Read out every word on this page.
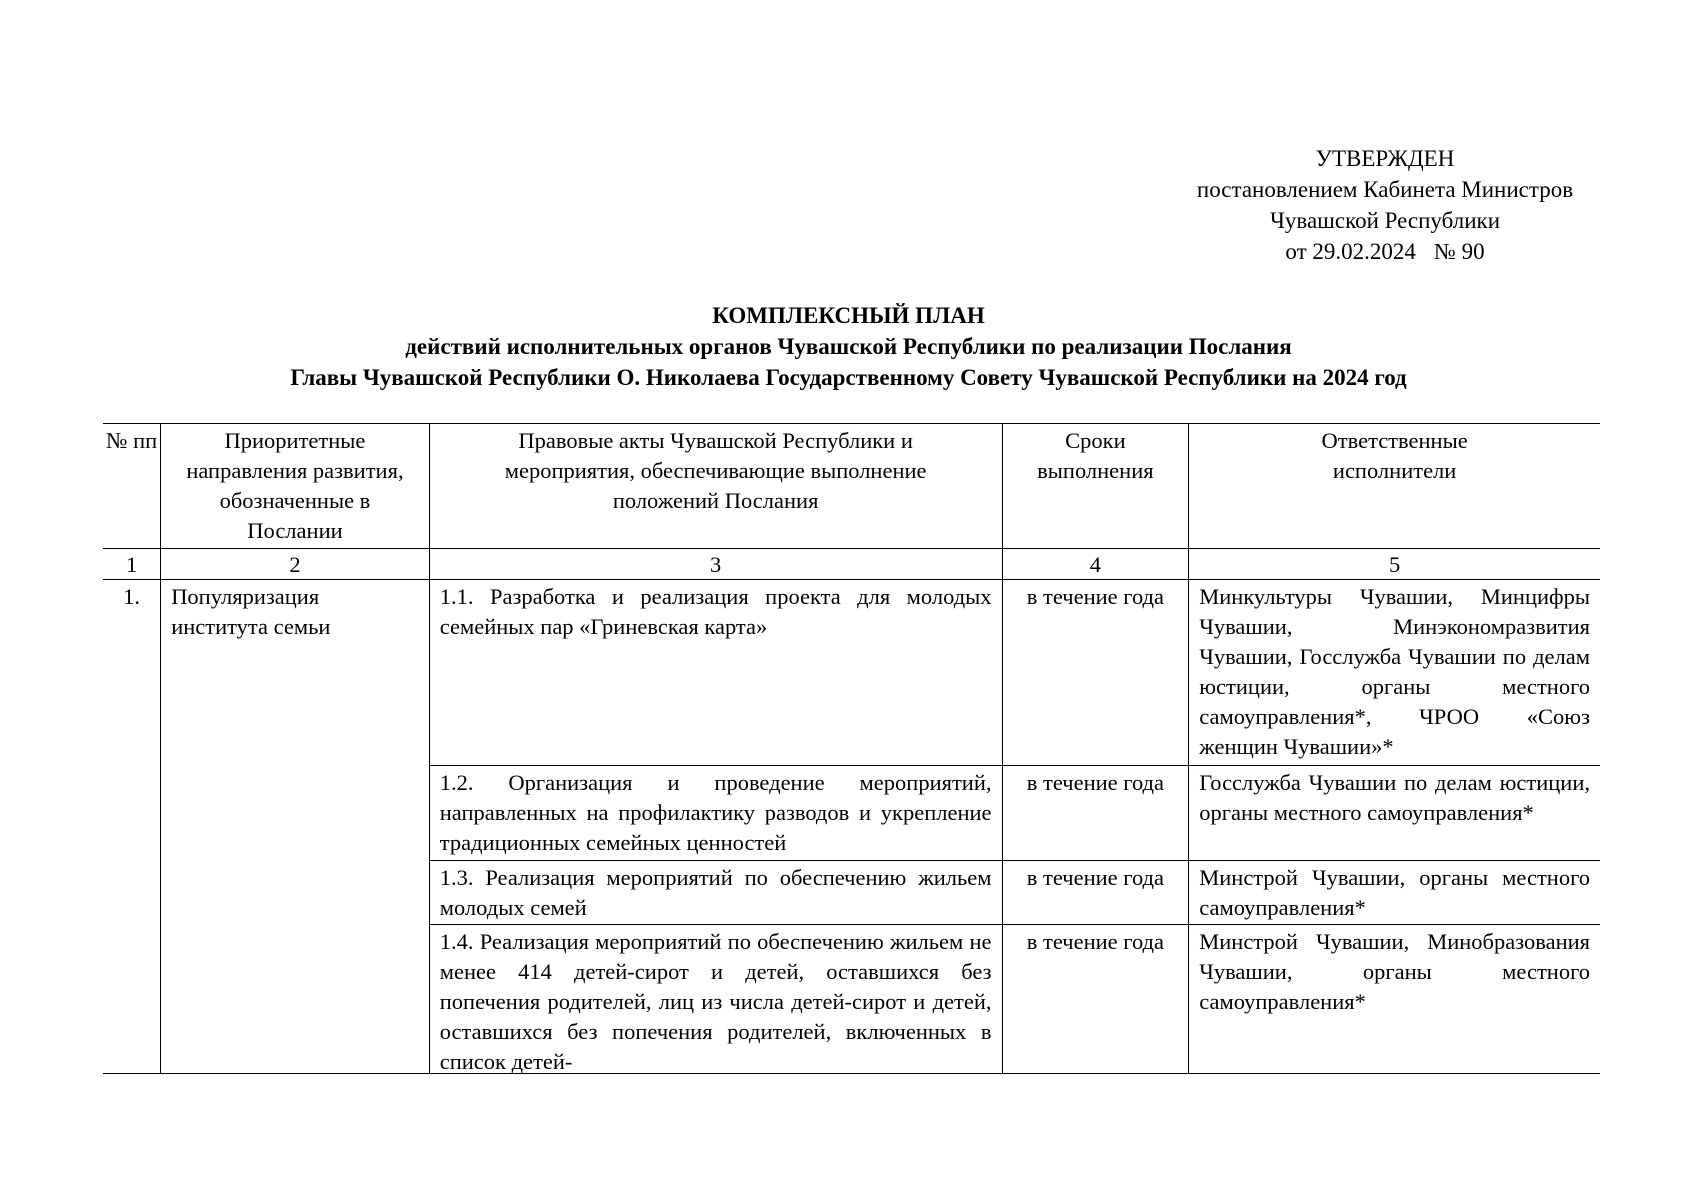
УТВЕРЖДЕН
постановлением Кабинета Министров
Чувашской Республики
от 29.02.2024 № 90
КОМПЛЕКСНЫЙ ПЛАН
действий исполнительных органов Чувашской Республики по реализации Послания
Главы Чувашской Республики О. Николаева Государственному Совету Чувашской Республики на 2024 год
№ пп	Приоритетные направления развития, обозначенные в Послании	Правовые акты Чувашской Республики и мероприятия, обеспечивающие выполнение положений Послания	Сроки выполнения	Ответственные исполнители
1	2	3	4	5
1.	Популяризация института семьи	1.1. Разработка и реализация проекта для молодых семейных пар «Гриневская карта»	в течение года	Минкультуры Чувашии, Минцифры Чувашии, Минэкономразвития Чувашии, Госслужба Чувашии по делам юстиции, органы местного самоуправления*, ЧРОО «Союз женщин Чувашии»*
		1.2. Организация и проведение мероприятий, направленных на профилактику разводов и укрепление традиционных семейных ценностей	в течение года	Госслужба Чувашии по делам юстиции, органы местного самоуправления*
		1.3. Реализация мероприятий по обеспечению жильем молодых семей	в течение года	Минстрой Чувашии, органы местного самоуправления*

		1.4. Реализация мероприятий по обеспечению жильем не менее 414 детей-сирот и детей, оставшихся без попечения родителей, лиц из числа детей-сирот и детей, оставшихся без попечения родителей, включенных в список детей-	в течение года	Минстрой Чувашии, Минобразования Чувашии, органы местного самоуправления*
